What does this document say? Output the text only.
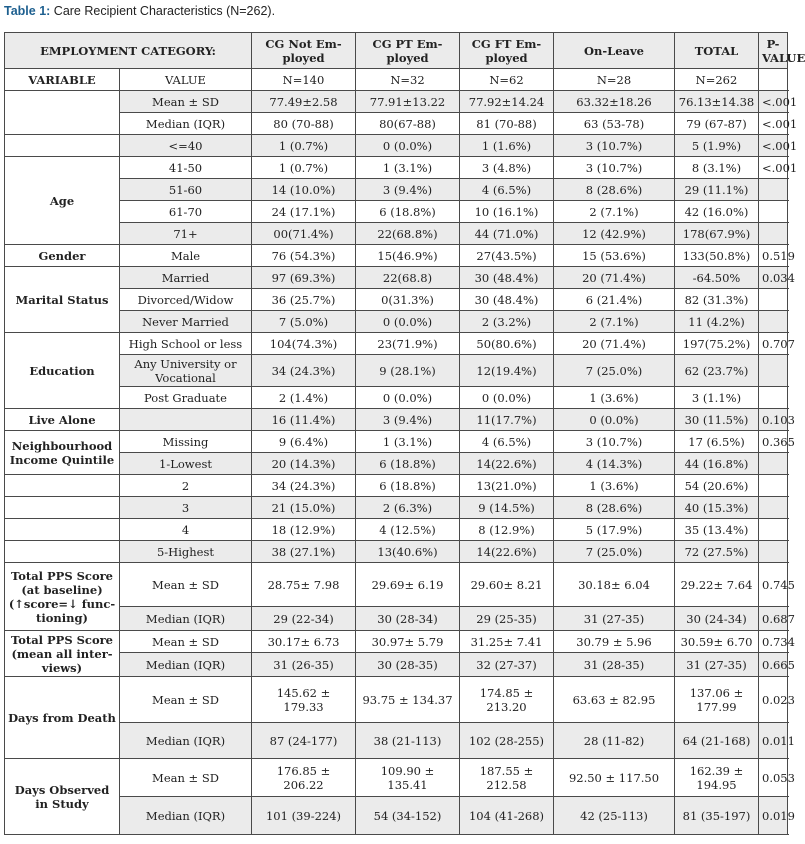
Table 1: Care Recipient Characteristics (N=262).
EMPLOYMENT CATEGORY:		CG Not Em- ployed	CG PT Em- ployed	CG FT Em- ployed	On-Leave	TOTAL	P-VALUE
VARIABLE	VALUE	N=140	N=32	N=62	N=28	N=262	
	Mean ± SD	77.49±2.58	77.91±13.22	77.92±14.24	63.32±18.26	76.13±14.38	<.001
	Median (IQR)	80 (70-88)	80(67-88)	81 (70-88)	63 (53-78)	79 (67-87)	<.001
	<=40	1 (0.7%)	0 (0.0%)	1 (1.6%)	3 (10.7%)	5 (1.9%)	<.001
Age	41-50	1 (0.7%)	1 (3.1%)	3 (4.8%)	3 (10.7%)	8 (3.1%)	<.001
	51-60	14 (10.0%)	3 (9.4%)	4 (6.5%)	8 (28.6%)	29 (11.1%)	
	61-70	24 (17.1%)	6 (18.8%)	10 (16.1%)	2 (7.1%)	42 (16.0%)	
	71+	00(71.4%)	22(68.8%)	44 (71.0%)	12 (42.9%)	178(67.9%)	
Gender	Male	76 (54.3%)	15(46.9%)	27(43.5%)	15 (53.6%)	133(50.8%)	0.519
Marital Status	Married	97 (69.3%)	22(68.8)	30 (48.4%)	20 (71.4%)	-64.50%	0.034
	Divorced/Widow	36 (25.7%)	0(31.3%)	30 (48.4%)	6 (21.4%)	82 (31.3%)	
	Never Married	7 (5.0%)	0 (0.0%)	2 (3.2%)	2 (7.1%)	11 (4.2%)	
Education	High School or less	104(74.3%)	23(71.9%)	50(80.6%)	20 (71.4%)	197(75.2%)	0.707
	Any University or Vocational	34 (24.3%)	9 (28.1%)	12(19.4%)	7 (25.0%)	62 (23.7%)	
	Post Graduate	2 (1.4%)	0 (0.0%)	0 (0.0%)	1 (3.6%)	3 (1.1%)	
Live Alone		16 (11.4%)	3 (9.4%)	11(17.7%)	0 (0.0%)	30 (11.5%)	0.103
Neighbourhood Income Quintile	Missing	9 (6.4%)	1 (3.1%)	4 (6.5%)	3 (10.7%)	17 (6.5%)	0.365
	1-Lowest	20 (14.3%)	6 (18.8%)	14(22.6%)	4 (14.3%)	44 (16.8%)	
	2	34 (24.3%)	6 (18.8%)	13(21.0%)	1 (3.6%)	54 (20.6%)	
	3	21 (15.0%)	2 (6.3%)	9 (14.5%)	8 (28.6%)	40 (15.3%)	
	4	18 (12.9%)	4 (12.5%)	8 (12.9%)	5 (17.9%)	35 (13.4%)	
	5-Highest	38 (27.1%)	13(40.6%)	14(22.6%)	7 (25.0%)	72 (27.5%)	
Total PPS Score (at baseline) (↑score=↓ func- tioning)	Mean ± SD	28.75± 7.98	29.69± 6.19	29.60± 8.21	30.18± 6.04	29.22± 7.64	0.745
	Median (IQR)	29 (22-34)	30 (28-34)	29 (25-35)	31 (27-35)	30 (24-34)	0.687
Total PPS Score (mean all inter- views)	Mean ± SD	30.17± 6.73	30.97± 5.79	31.25± 7.41	30.79 ± 5.96	30.59± 6.70	0.734
	Median (IQR)	31 (26-35)	30 (28-35)	32 (27-37)	31 (28-35)	31 (27-35)	0.665
Days from Death	Mean ± SD	145.62 ± 179.33	93.75 ± 134.37	174.85 ± 213.20	63.63 ± 82.95	137.06 ± 177.99	0.023
	Median (IQR)	87 (24-177)	38 (21-113)	102 (28-255)	28 (11-82)	64 (21-168)	0.011
Days Observed in Study	Mean ± SD	176.85 ± 206.22	109.90 ± 135.41	187.55 ± 212.58	92.50 ± 117.50	162.39 ± 194.95	0.053
	Median (IQR)	101 (39-224)	54 (34-152)	104 (41-268)	42 (25-113)	81 (35-197)	0.019
